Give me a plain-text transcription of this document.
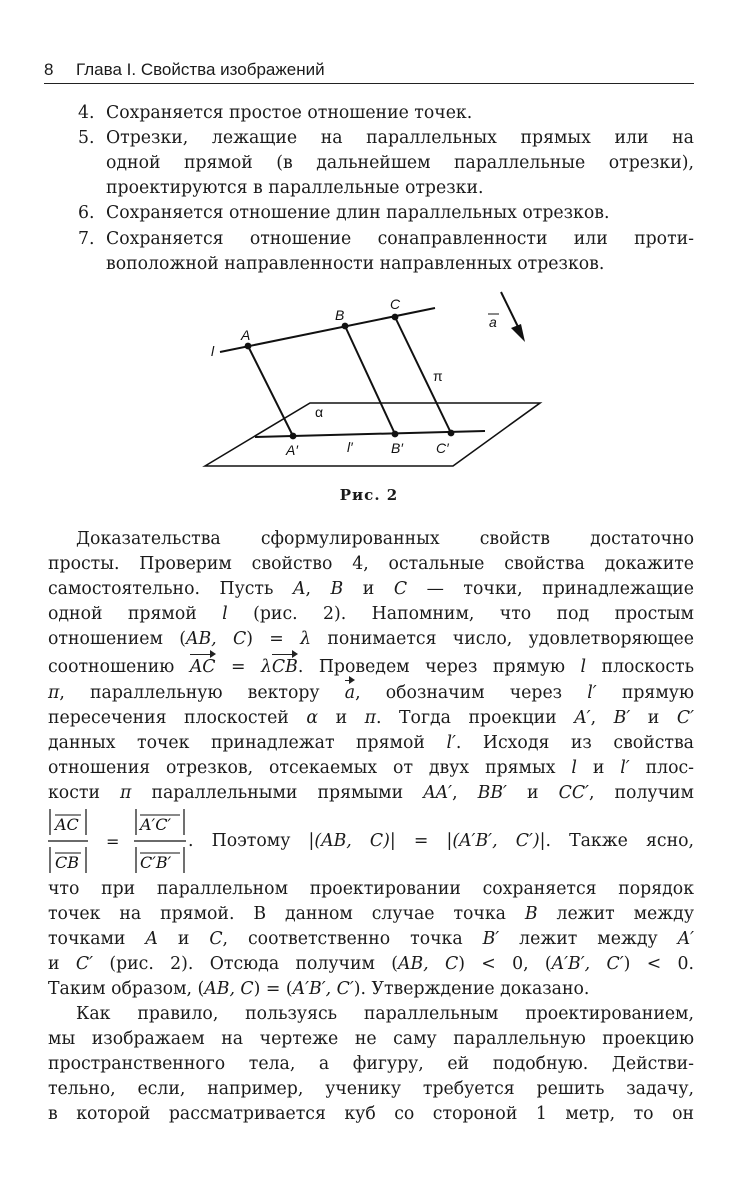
8 Глава I. Свойства изображений
4. Сохраняется простое отношение точек.
5. Отрезки, лежащие на параллельных прямых или на
одной прямой (в дальнейшем параллельные отрезки),
проектируются в параллельные отрезки.
6. Сохраняется отношение длин параллельных отрезков.
7. Сохраняется отношение сонаправленности или проти-
воположной направленности направленных отрезков.
l
A
B
C
π
α
A′	l′	B′ C′
a
Рис. 2
Доказательства сформулированных свойств достаточно
просты. Проверим свойство 4, остальные свойства докажите
самостоятельно. Пусть A, B и C — точки, принадлежащие
одной прямой l (рис. 2). Напомним, что под простым
отношением (AB, C) = λ понимается число, удовлетворяющее
соотношению AC = λCB. Проведем через прямую l плоскость
π, параллельную вектору a, обозначим через l′ прямую
пересечения плоскостей α и π. Тогда проекции A′, B′ и C′
данных точек принадлежат прямой l′. Исходя из свойства
отношения отрезков, отсекаемых от двух прямых l и l′ плос-
кости π параллельными прямыми AA′, BB′ и CC′, получим
AC
CB
=
A′C′
C′B′
. Поэтому |(AB, C)| = |(A′B′, C′)|. Также ясно,
что при параллельном проектировании сохраняется порядок
точек на прямой. В данном случае точка B лежит между
точками A и C, соответственно точка B′ лежит между A′
и C′ (рис. 2). Отсюда получим (AB, C) < 0, (A′B′, C′) < 0.
Таким образом, (AB, C) = (A′B′, C′). Утверждение доказано.
Как правило, пользуясь параллельным проектированием,
мы изображаем на чертеже не саму параллельную проекцию
пространственного тела, а фигуру, ей подобную. Действи-
тельно, если, например, ученику требуется решить задачу,
в которой рассматривается куб со стороной 1 метр, то он
